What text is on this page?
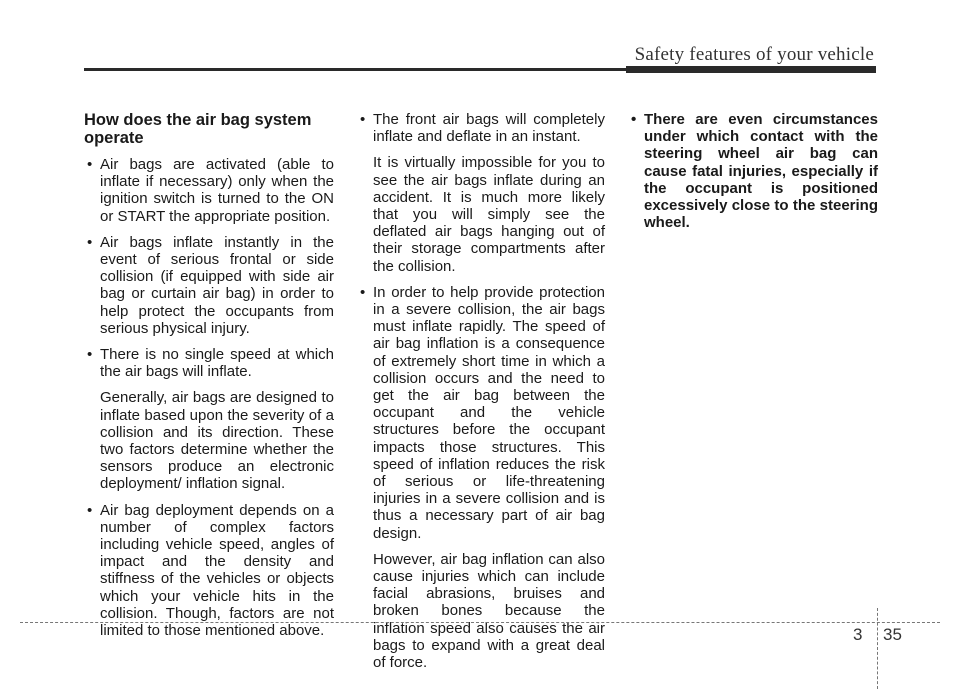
Safety features of your vehicle
How does the air bag system operate
• Air bags are activated (able to inflate if necessary) only when the ignition switch is turned to the ON or START the appropriate position.
• Air bags inflate instantly in the event of serious frontal or side collision (if equipped with side air bag or curtain air bag) in order to help protect the occupants from serious physical injury.
• There is no single speed at which the air bags will inflate.
Generally, air bags are designed to inflate based upon the severity of a collision and its direction. These two factors determine whether the sensors produce an electronic deployment/ inflation signal.
• Air bag deployment depends on a number of complex factors including vehicle speed, angles of impact and the density and stiffness of the vehicles or objects which your vehicle hits in the collision. Though, factors are not limited to those mentioned above.
• The front air bags will completely inflate and deflate in an instant.
It is virtually impossible for you to see the air bags inflate during an accident. It is much more likely that you will simply see the deflated air bags hanging out of their storage compartments after the collision.
• In order to help provide protection in a severe collision, the air bags must inflate rapidly. The speed of air bag inflation is a consequence of extremely short time in which a collision occurs and the need to get the air bag between the occupant and the vehicle structures before the occupant impacts those structures. This speed of inflation reduces the risk of serious or life-threatening injuries in a severe collision and is thus a necessary part of air bag design.
However, air bag inflation can also cause injuries which can include facial abrasions, bruises and broken bones because the inflation speed also causes the air bags to expand with a great deal of force.
• There are even circumstances under which contact with the steering wheel air bag can cause fatal injuries, especially if the occupant is positioned excessively close to the steering wheel.
3 35
